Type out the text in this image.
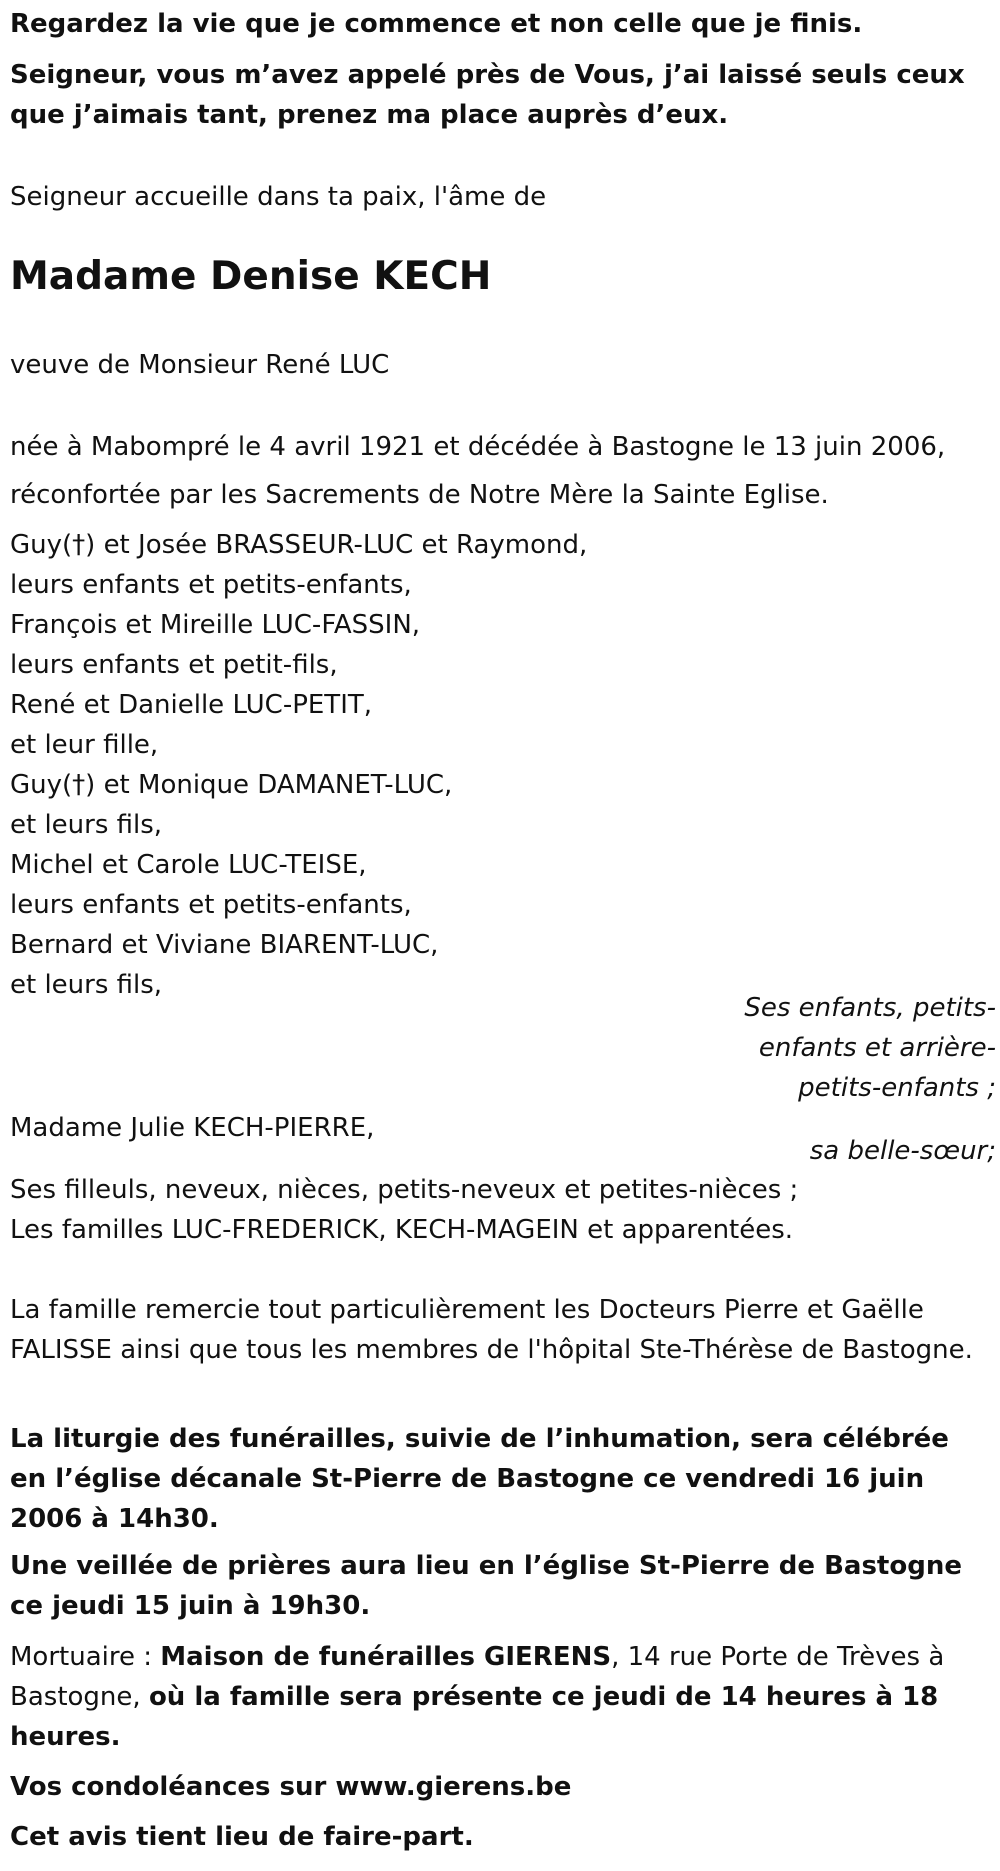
Regardez la vie que je commence et non celle que je finis.

Seigneur, vous m’avez appelé près de Vous, j’ai laissé seuls ceux que j’aimais tant, prenez ma place auprès d’eux.

Seigneur accueille dans ta paix, l'âme de
Madame Denise KECH
veuve de Monsieur René LUC
née à Mabompré le 4 avril 1921 et décédée à Bastogne le 13 juin 2006,
réconfortée par les Sacrements de Notre Mère la Sainte Eglise.
Guy(†) et Josée BRASSEUR-LUC et Raymond,
leurs enfants et petits-enfants,
François et Mireille LUC-FASSIN,
leurs enfants et petit-fils,
René et Danielle LUC-PETIT,
et leur fille,
Guy(†) et Monique DAMANET-LUC,
et leurs fils,
Michel et Carole LUC-TEISE,
leurs enfants et petits-enfants,
Bernard et Viviane BIARENT-LUC,
et leurs fils,
Ses enfants, petits-
enfants et arrière-
petits-enfants ;
Madame Julie KECH-PIERRE,
sa belle-sœur;
Ses filleuls, neveux, nièces, petits-neveux et petites-nièces ;
Les familles LUC-FREDERICK, KECH-MAGEIN et apparentées.

La famille remercie tout particulièrement les Docteurs Pierre et Gaëlle FALISSE ainsi que tous les membres de l'hôpital Ste-Thérèse de Bastogne.

La liturgie des funérailles, suivie de l’inhumation, sera célébrée en l’église décanale St-Pierre de Bastogne ce vendredi 16 juin 2006 à 14h30.

Une veillée de prières aura lieu en l’église St-Pierre de Bastogne ce jeudi 15 juin à 19h30.

Mortuaire : Maison de funérailles GIERENS, 14 rue Porte de Trèves à Bastogne, où la famille sera présente ce jeudi de 14 heures à 18 heures.

Vos condoléances sur www.gierens.be
Cet avis tient lieu de faire-part.
